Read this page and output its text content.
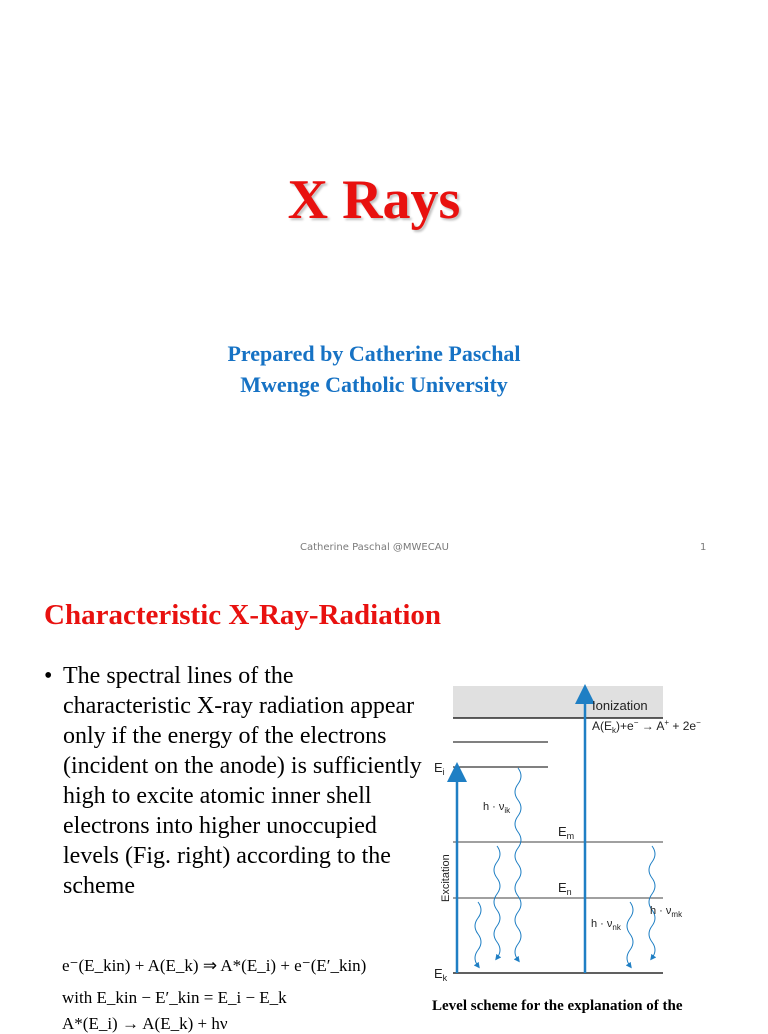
X Rays
Prepared by Catherine Paschal
Mwenge Catholic University
Catherine Paschal @MWECAU	1
Characteristic X-Ray-Radiation
• The spectral lines of the characteristic X-ray radiation appear only if the energy of the electrons (incident on the anode) is sufficiently high to excite atomic inner shell electrons into higher unoccupied levels (Fig. right) according to the scheme
e⁻(E_kin) + A(E_k) ⇒ A*(E_i) + e⁻(E′_kin)
with E_kin − E′_kin = E_i − E_k
A*(E_i) → A(E_k) + hν
Ionization
$A(E_k)+e^- \to A^+ + 2e^-$
$E_i$
$E_m$
$E_n$
$E_k$
Excitation
$h \cdot \nu_{ik}$
$h \cdot \nu_{nk}$
$h \cdot \nu_{mk}$
Level scheme for the explanation of the
